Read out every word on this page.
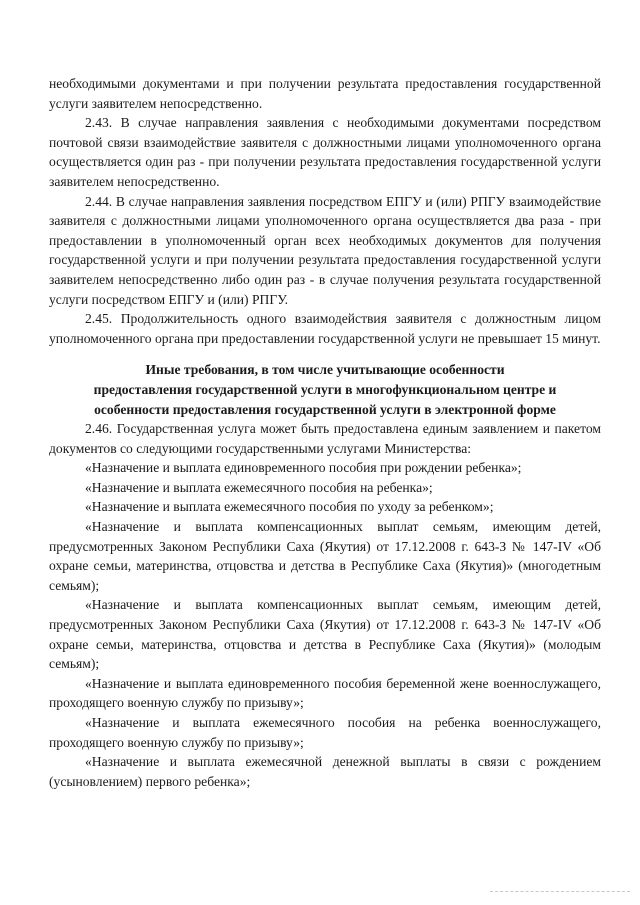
необходимыми документами и при получении результата предоставления государственной услуги заявителем непосредственно.

2.43. В случае направления заявления с необходимыми документами посредством почтовой связи взаимодействие заявителя с должностными лицами уполномоченного органа осуществляется один раз - при получении результата предоставления государственной услуги заявителем непосредственно.

2.44. В случае направления заявления посредством ЕПГУ и (или) РПГУ взаимодействие заявителя с должностными лицами уполномоченного органа осуществляется два раза - при предоставлении в уполномоченный орган всех необходимых документов для получения государственной услуги и при получении результата предоставления государственной услуги заявителем непосредственно либо один раз - в случае получения результата государственной услуги посредством ЕПГУ и (или) РПГУ.

2.45. Продолжительность одного взаимодействия заявителя с должностным лицом уполномоченного органа при предоставлении государственной услуги не превышает 15 минут.

Иные требования, в том числе учитывающие особенности
предоставления государственной услуги в многофункциональном центре и
особенности предоставления государственной услуги в электронной форме

2.46. Государственная услуга может быть предоставлена единым заявлением и пакетом документов со следующими государственными услугами Министерства:

«Назначение и выплата единовременного пособия при рождении ребенка»;

«Назначение и выплата ежемесячного пособия на ребенка»;

«Назначение и выплата ежемесячного пособия по уходу за ребенком»;

«Назначение и выплата компенсационных выплат семьям, имеющим детей, предусмотренных Законом Республики Саха (Якутия) от 17.12.2008 г. 643-З № 147-IV «Об охране семьи, материнства, отцовства и детства в Республике Саха (Якутия)» (многодетным семьям);

«Назначение и выплата компенсационных выплат семьям, имеющим детей, предусмотренных Законом Республики Саха (Якутия) от 17.12.2008 г. 643-З № 147-IV «Об охране семьи, материнства, отцовства и детства в Республике Саха (Якутия)» (молодым семьям);

«Назначение и выплата единовременного пособия беременной жене военнослужащего, проходящего военную службу по призыву»;

«Назначение и выплата ежемесячного пособия на ребенка военнослужащего, проходящего военную службу по призыву»;

«Назначение и выплата ежемесячной денежной выплаты в связи с рождением (усыновлением) первого ребенка»;
